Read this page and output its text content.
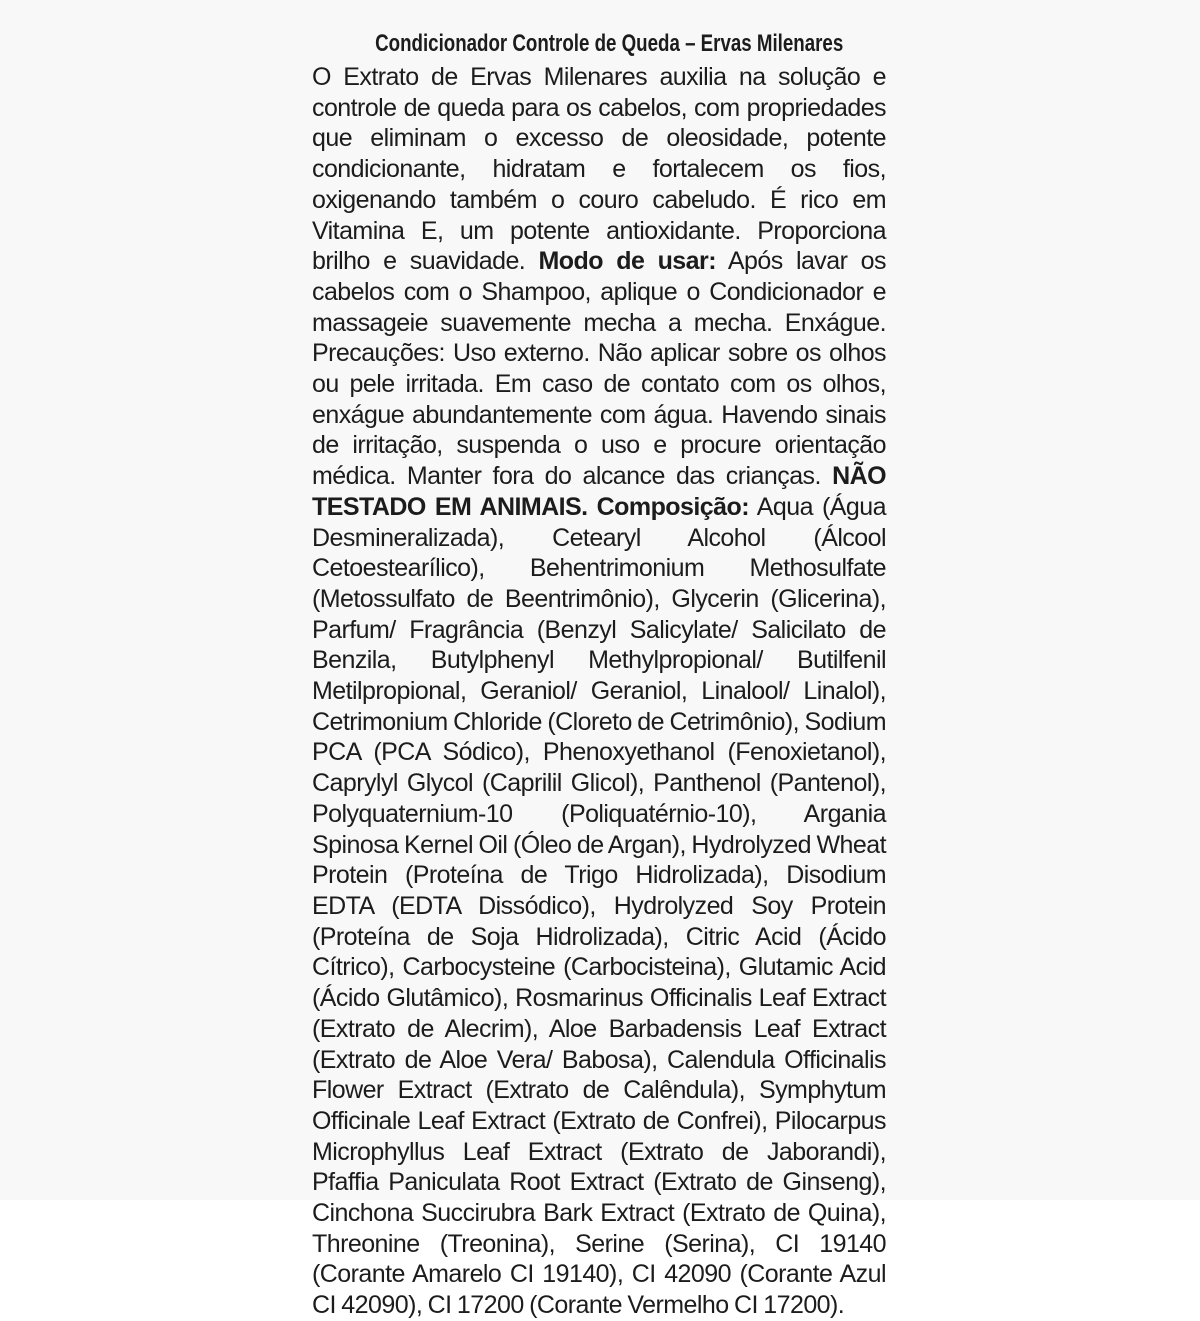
Condicionador Controle de Queda – Ervas Milenares

O Extrato de Ervas Milenares auxilia na solução e controle de queda para os cabelos, com propriedades que eliminam o excesso de oleosidade, potente condicionante, hidratam e fortalecem os fios, oxigenando também o couro cabeludo. É rico em Vitamina E, um potente antioxidante. Proporciona brilho e suavidade. Modo de usar: Após lavar os cabelos com o Shampoo, aplique o Condicionador e massageie suavemente mecha a mecha. Enxágue. Precauções: Uso externo. Não aplicar sobre os olhos ou pele irritada. Em caso de contato com os olhos, enxágue abundantemente com água. Havendo sinais de irritação, suspenda o uso e procure orientação médica. Manter fora do alcance das crianças. NÃO TESTADO EM ANIMAIS. Composição: Aqua (Água Desmineralizada), Cetearyl Alcohol (Álcool Cetoestearílico), Behentrimonium Methosulfate (Metossulfato de Beentrimônio), Glycerin (Glicerina), Parfum/ Fragrância (Benzyl Salicylate/ Salicilato de Benzila, Butylphenyl Methylpropional/ Butilfenil Metilpropional, Geraniol/ Geraniol, Linalool/ Linalol), Cetrimonium Chloride (Cloreto de Cetrimônio), Sodium PCA (PCA Sódico), Phenoxyethanol (Fenoxietanol), Caprylyl Glycol (Caprilil Glicol), Panthenol (Pantenol), Polyquaternium-10 (Poliquatérnio-10), Argania Spinosa Kernel Oil (Óleo de Argan), Hydrolyzed Wheat Protein (Proteína de Trigo Hidrolizada), Disodium EDTA (EDTA Dissódico), Hydrolyzed Soy Protein (Proteína de Soja Hidrolizada), Citric Acid (Ácido Cítrico), Carbocysteine (Carbocisteina), Glutamic Acid (Ácido Glutâmico), Rosmarinus Officinalis Leaf Extract (Extrato de Alecrim), Aloe Barbadensis Leaf Extract (Extrato de Aloe Vera/ Babosa), Calendula Officinalis Flower Extract (Extrato de Calêndula), Symphytum Officinale Leaf Extract (Extrato de Confrei), Pilocarpus Microphyllus Leaf Extract (Extrato de Jaborandi), Pfaffia Paniculata Root Extract (Extrato de Ginseng), Cinchona Succirubra Bark Extract (Extrato de Quina), Threonine (Treonina), Serine (Serina), CI 19140 (Corante Amarelo CI 19140), CI 42090 (Corante Azul CI 42090), CI 17200 (Corante Vermelho CI 17200).
